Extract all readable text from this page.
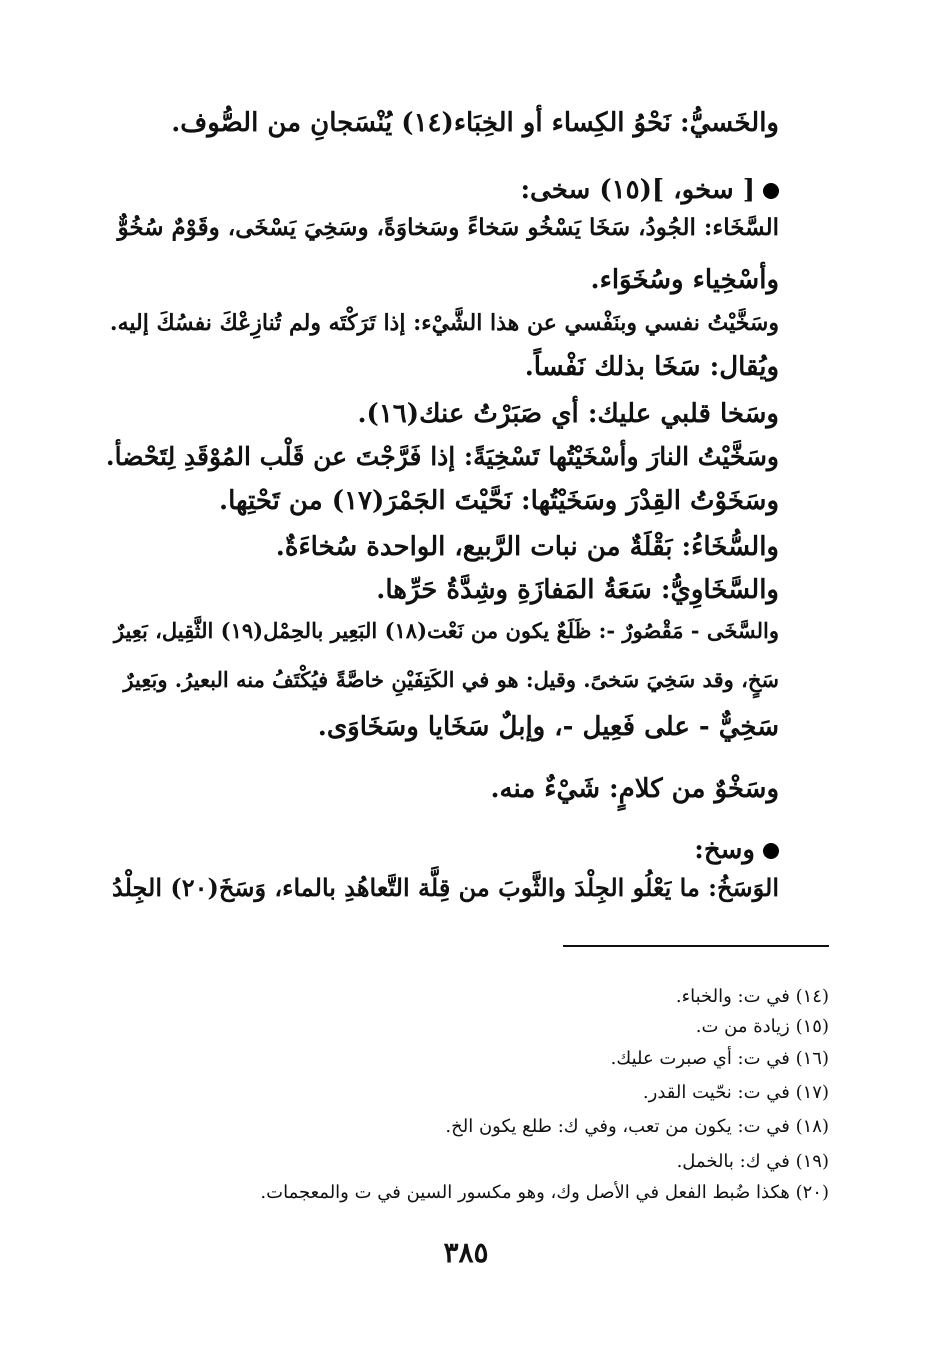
والخَسيُّ: نَحْوُ الكِساء أو الخِبَاء(١٤) يُنْسَجانِ من الصُّوف.
[ سخو، ](١٥) سخى:
السَّخَاء: الجُودُ، سَخَا يَسْخُو سَخاءً وسَخاوَةً، وسَخِيَ يَسْخَى، وقَوْمٌ سُخُوٌّ
وأسْخِياء وسُخَوَاء.
وسَخَّيْتُ نفسي وبنَفْسي عن هذا الشَّيْء: إذا تَرَكْتَه ولم تُنازِعْكَ نفسُكَ إليه.
ويُقال: سَخَا بذلك نَفْساً.
وسَخا قلبي عليك: أي صَبَرْتُ عنك(١٦).
وسَخَّيْتُ النارَ وأسْخَيْتُها تَسْخِيَةً: إذا فَرَّجْتَ عن قَلْب المُوْقَدِ لِتَحْضأ.
وسَخَوْتُ القِدْرَ وسَخَيْتُها: نَحَّيْتَ الجَمْرَ(١٧) من تَحْتِها.
والسُّخَاءُ: بَقْلَةٌ من نبات الرَّبيع، الواحدة سُخاءَةٌ.
والسَّخَاوِيُّ: سَعَةُ المَفازَةِ وشِدَّةُ حَرِّها.
والسَّخَى - مَقْصُورٌ -: ظَلَعٌ يكون من نَعْت(١٨) البَعِير بالحِمْل(١٩) الثَّقِيل، بَعِيرٌ
سَخٍ، وقد سَخِيَ سَخىً. وقيل: هو في الكَتِفَيْنِ خاصَّةً فيُكْتَفُ منه البعيرُ. وبَعِيرٌ
سَخِيٌّ - على فَعِيل -، وإبلٌ سَخَايا وسَخَاوَى.
وسَخْوٌ من كلامٍ: شَيْءٌ منه.
وسخ:
الوَسَخُ: ما يَعْلُو الجِلْدَ والثَّوبَ من قِلَّة التَّعاهُدِ بالماء، وَسَخَ(٢٠) الجِلْدُ
(١٤) في ت: والخباء.
(١٥) زيادة من ت.
(١٦) في ت: أي صبرت عليك.
(١٧) في ت: نحّيت القدر.
(١٨) في ت: يكون من تعب، وفي ك: طلع يكون الخ.
(١٩) في ك: بالخمل.
(٢٠) هكذا ضُبط الفعل في الأصل وك، وهو مكسور السين في ت والمعجمات.
٣٨٥
